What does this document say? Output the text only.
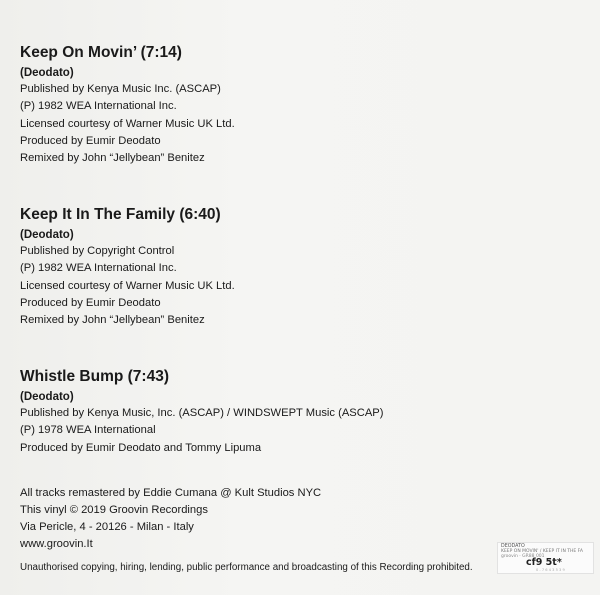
Keep On Movin’ (7:14)
(Deodato)
Published by Kenya Music Inc. (ASCAP)
(P) 1982 WEA International Inc.
Licensed courtesy of Warner Music UK Ltd.
Produced by Eumir Deodato
Remixed by John “Jellybean” Benitez
Keep It In The Family (6:40)
(Deodato)
Published by Copyright Control
(P) 1982 WEA International Inc.
Licensed courtesy of Warner Music UK Ltd.
Produced by Eumir Deodato
Remixed by John “Jellybean” Benitez
Whistle Bump (7:43)
(Deodato)
Published by Kenya Music, Inc. (ASCAP) / WINDSWEPT Music (ASCAP)
(P) 1978 WEA International
Produced by Eumir Deodato and Tommy Lipuma
All tracks remastered by Eddie Cumana @ Kult Studios NYC
This vinyl © 2019 Groovin Recordings
Via Pericle, 4 - 20126 - Milan - Italy
www.groovin.It
Unauthorised copying, hiring, lending, public performance and broadcasting of this Recording prohibited.
DEODATO
KEEP ON MOVIN' / KEEP IT IN THE FA
groovin · GR88 001
cf9 5t*
0 - 7 6 4 3 5 3 9
